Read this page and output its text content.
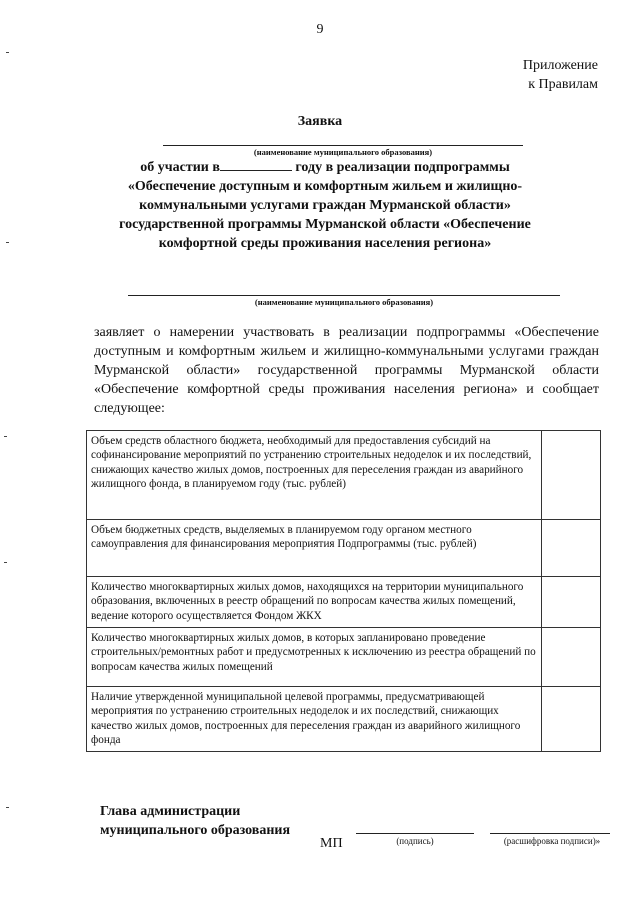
9
Приложение
к Правилам
Заявка
(наименование муниципального образования)
об участии в	году в реализации подпрограммы
«Обеспечение доступным и комфортным жильем и жилищно-
коммунальными услугами граждан Мурманской области»
государственной программы Мурманской области «Обеспечение
комфортной среды проживания населения региона»
(наименование муниципального образования)
заявляет о намерении участвовать в реализации подпрограммы «Обеспечение доступным и комфортным жильем и жилищно-коммунальными услугами граждан Мурманской области» государственной программы Мурманской области «Обеспечение комфортной среды проживания населения региона» и сообщает следующее:
Объем средств областного бюджета, необходимый для предоставления субсидий на софинансирование мероприятий по устранению строительных недоделок и их последствий, снижающих качество жилых домов, построенных для переселения граждан из аварийного жилищного фонда, в планируемом году (тыс. рублей)	
Объем бюджетных средств, выделяемых в планируемом году органом местного самоуправления для финансирования мероприятия Подпрограммы (тыс. рублей)	
Количество многоквартирных жилых домов, находящихся на территории муниципального образования, включенных в реестр обращений по вопросам качества жилых помещений, ведение которого осуществляется Фондом ЖКХ	
Количество многоквартирных жилых домов, в которых запланировано проведение строительных/ремонтных работ и предусмотренных к исключению из реестра обращений по вопросам качества жилых помещений	
Наличие утвержденной муниципальной целевой программы, предусматривающей мероприятия по устранению строительных недоделок и их последствий, снижающих качество жилых домов, построенных для переселения граждан из аварийного жилищного фонда	
Глава администрации
муниципального образования
МП	(подпись)	(расшифровка подписи)»
